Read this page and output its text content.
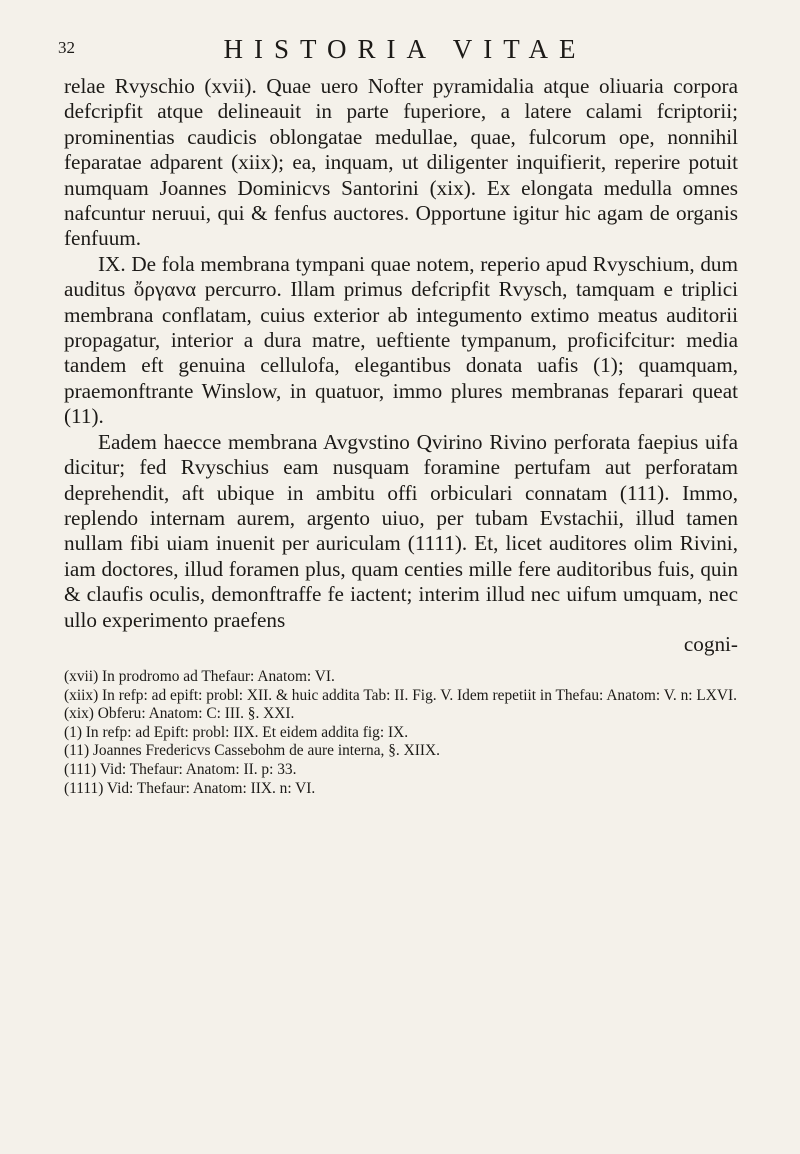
32	HISTORIA VITAE

relae Rvyschio (xvii). Quae uero Nofter pyramidalia atque oliuaria corpora defcripfit atque delineauit in parte fuperiore, a latere calami fcriptorii; prominentias caudicis oblongatae medullae, quae, fulcorum ope, nonnihil feparatae adparent (xiix); ea, inquam, ut diligenter inquifierit, reperire potuit numquam Joannes Dominicvs Santorini (xix). Ex elongata medulla omnes nafcuntur neruui, qui & fenfus auctores. Opportune igitur hic agam de organis fenfuum.

IX. De fola membrana tympani quae notem, reperio apud Rvyschium, dum auditus ὄργανα percurro. Illam primus defcripfit Rvysch, tamquam e triplici membrana conflatam, cuius exterior ab integumento extimo meatus auditorii propagatur, interior a dura matre, ueftiente tympanum, proficifcitur: media tandem eft genuina cellulofa, elegantibus donata uafis (1); quamquam, praemonftrante Winslow, in quatuor, immo plures membranas feparari queat (11).

Eadem haecce membrana Avgvstino Qvirino Rivino perforata faepius uifa dicitur; fed Rvyschius eam nusquam foramine pertufam aut perforatam deprehendit, aft ubique in ambitu offi orbiculari connatam (111). Immo, replendo internam aurem, argento uiuo, per tubam Evstachii, illud tamen nullam fibi uiam inuenit per auriculam (1111). Et, licet auditores olim Rivini, iam doctores, illud foramen plus, quam centies mille fere auditoribus fuis, quin & claufis oculis, demonftraffe fe iactent; interim illud nec uifum umquam, nec ullo experimento praefens

cogni-

(xvii) In prodromo ad Thefaur: Anatom: VI.

(xiix) In refp: ad epift: probl: XII. & huic addita Tab: II. Fig. V. Idem repetiit in Thefau: Anatom: V. n: LXVI.

(xix) Obferu: Anatom: C: III. §. XXI.

(1) In refp: ad Epift: probl: IIX. Et eidem addita fig: IX.

(11) Joannes Fredericvs Cassebohm de aure interna, §. XIIX.

(111) Vid: Thefaur: Anatom: II. p: 33.

(1111) Vid: Thefaur: Anatom: IIX. n: VI.
